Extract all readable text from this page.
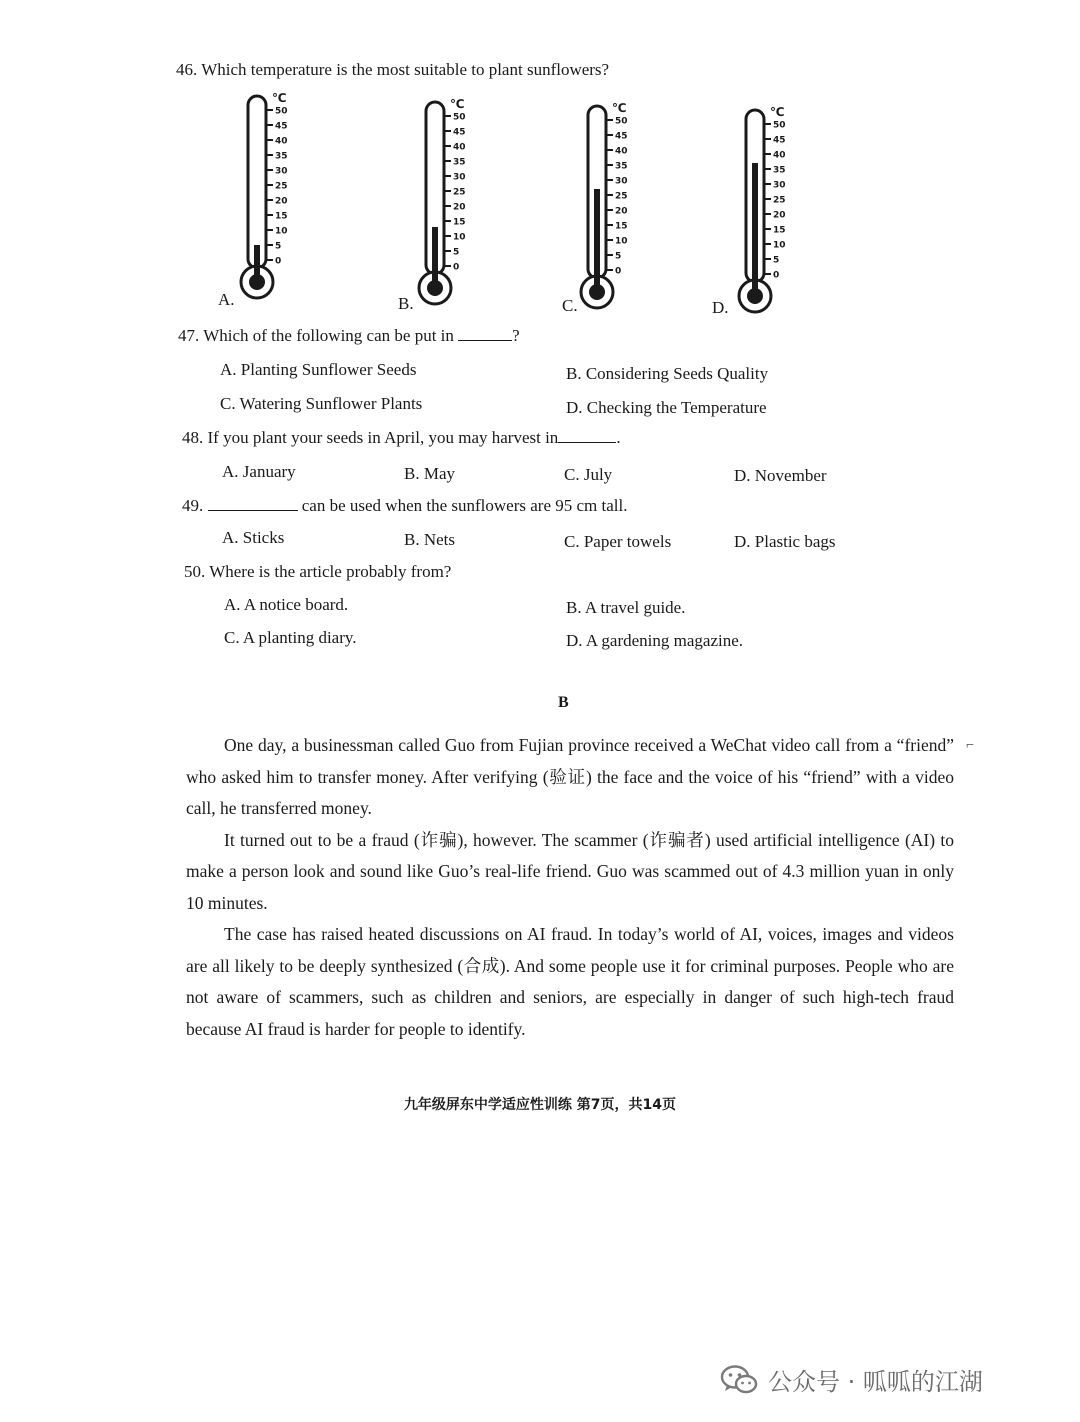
46. Which temperature is the most suitable to plant sunflowers?
50
45
40
35
30
25
20
15
10
5
0
℃
A.
50
45
40
35
30
25
20
15
10
5
0
℃
B.
50
45
40
35
30
25
20
15
10
5
0
℃
C.
50
45
40
35
30
25
20
15
10
5
0
℃
D.
47. Which of the following can be put in	?
A. Planting Sunflower Seeds	B. Considering Seeds Quality
C. Watering Sunflower Plants	D. Checking the Temperature
48. If you plant your seeds in April, you may harvest in	.
A. January	B. May	C. July	D. November
49.	can be used when the sunflowers are 95 cm tall.
A. Sticks	B. Nets	C. Paper towels	D. Plastic bags
50. Where is the article probably from?
A. A notice board.	B. A travel guide.
C. A planting diary.	D. A gardening magazine.
B
⌐

One day, a businessman called Guo from Fujian province received a WeChat video call from a “friend” who asked him to transfer money. After verifying (验证) the face and the voice of his “friend” with a video call, he transferred money.

It turned out to be a fraud (诈骗), however. The scammer (诈骗者) used artificial intelligence (AI) to make a person look and sound like Guo’s real-life friend. Guo was scammed out of 4.3 million yuan in only 10 minutes.

The case has raised heated discussions on AI fraud. In today’s world of AI, voices, images and videos are all likely to be deeply synthesized (合成). And some people use it for criminal purposes. People who are not aware of scammers, such as children and seniors, are especially in danger of such high-tech fraud because AI fraud is harder for people to identify.

九年级屏东中学适应性训练 第7页，共14页
公众号 · 呱呱的江湖
